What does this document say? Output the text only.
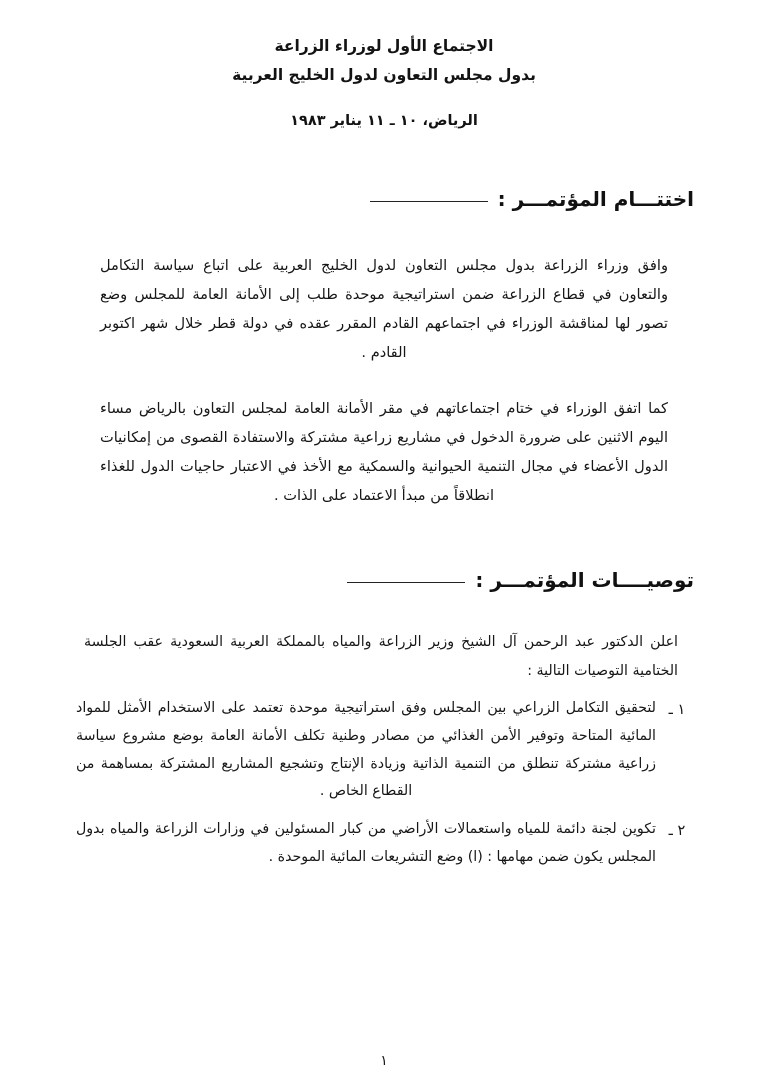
الاجتماع الأول لوزراء الزراعة
بدول مجلس التعاون لدول الخليج العربية
الرياض، ١٠ ـ ١١ يناير ١٩٨٣
اختتـــام المؤتمـــر :

وافق وزراء الزراعة بدول مجلس التعاون لدول الخليج العربية على اتباع سياسة التكامل والتعاون في قطاع الزراعة ضمن استراتيجية موحدة طلب إلى الأمانة العامة للمجلس وضع تصور لها لمناقشة الوزراء في اجتماعهم القادم المقرر عقده في دولة قطر خلال شهر اكتوبر القادم .

كما اتفق الوزراء في ختام اجتماعاتهم في مقر الأمانة العامة لمجلس التعاون بالرياض مساء اليوم الاثنين على ضرورة الدخول في مشاريع زراعية مشتركة والاستفادة القصوى من إمكانيات الدول الأعضاء في مجال التنمية الحيوانية والسمكية مع الأخذ في الاعتبار حاجيات الدول للغذاء انطلاقاً من مبدأ الاعتماد على الذات .

توصيــــات المؤتمـــر :

اعلن الدكتور عبد الرحمن آل الشيخ وزير الزراعة والمياه بالمملكة العربية السعودية عقب الجلسة الختامية التوصيات التالية :

١ ـ
لتحقيق التكامل الزراعي بين المجلس وفق استراتيجية موحدة تعتمد على الاستخدام الأمثل للمواد المائية المتاحة وتوفير الأمن الغذائي من مصادر وطنية تكلف الأمانة العامة بوضع مشروع سياسة زراعية مشتركة تنطلق من التنمية الذاتية وزيادة الإنتاج وتشجيع المشاريع المشتركة بمساهمة من القطاع الخاص .
٢ ـ
تكوين لجنة دائمة للمياه واستعمالات الأراضي من كبار المسئولين في وزارات الزراعة والمياه بدول المجلس يكون ضمن مهامها : (ا) وضع التشريعات المائية الموحدة .
١
